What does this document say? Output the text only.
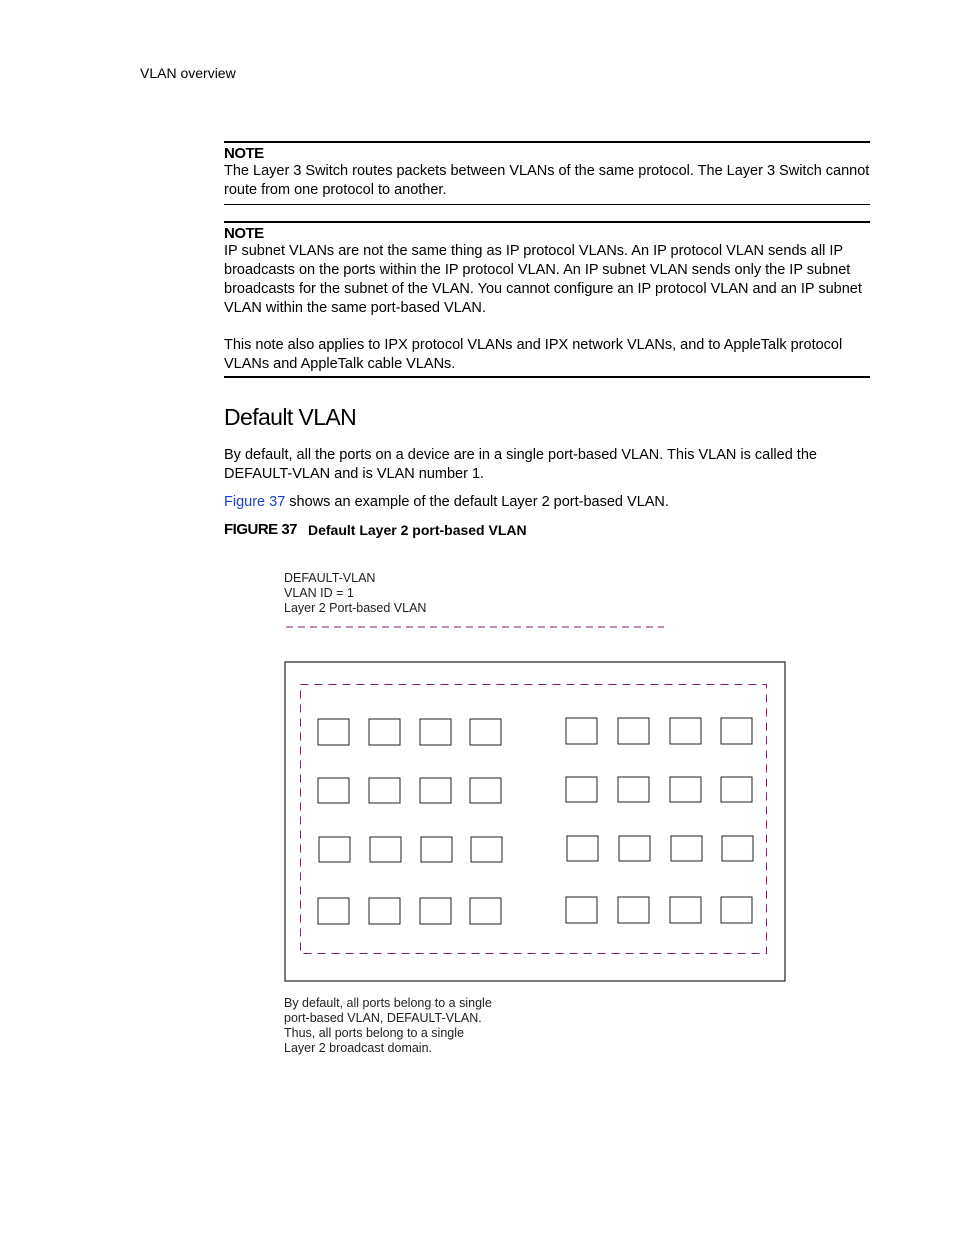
VLAN overview
NOTE
The Layer 3 Switch routes packets between VLANs of the same protocol. The Layer 3 Switch cannot route from one protocol to another.
NOTE
IP subnet VLANs are not the same thing as IP protocol VLANs. An IP protocol VLAN sends all IP broadcasts on the ports within the IP protocol VLAN. An IP subnet VLAN sends only the IP subnet broadcasts for the subnet of the VLAN. You cannot configure an IP protocol VLAN and an IP subnet VLAN within the same port-based VLAN.
This note also applies to IPX protocol VLANs and IPX network VLANs, and to AppleTalk protocol VLANs and AppleTalk cable VLANs.
Default VLAN
By default, all the ports on a device are in a single port-based VLAN. This VLAN is called the DEFAULT-VLAN and is VLAN number 1.
Figure 37 shows an example of the default Layer 2 port-based VLAN.
FIGURE 37 Default Layer 2 port-based VLAN
DEFAULT-VLAN
VLAN ID = 1
Layer 2 Port-based VLAN
By default, all ports belong to a single
port-based VLAN, DEFAULT-VLAN.
Thus, all ports belong to a single
Layer 2 broadcast domain.
